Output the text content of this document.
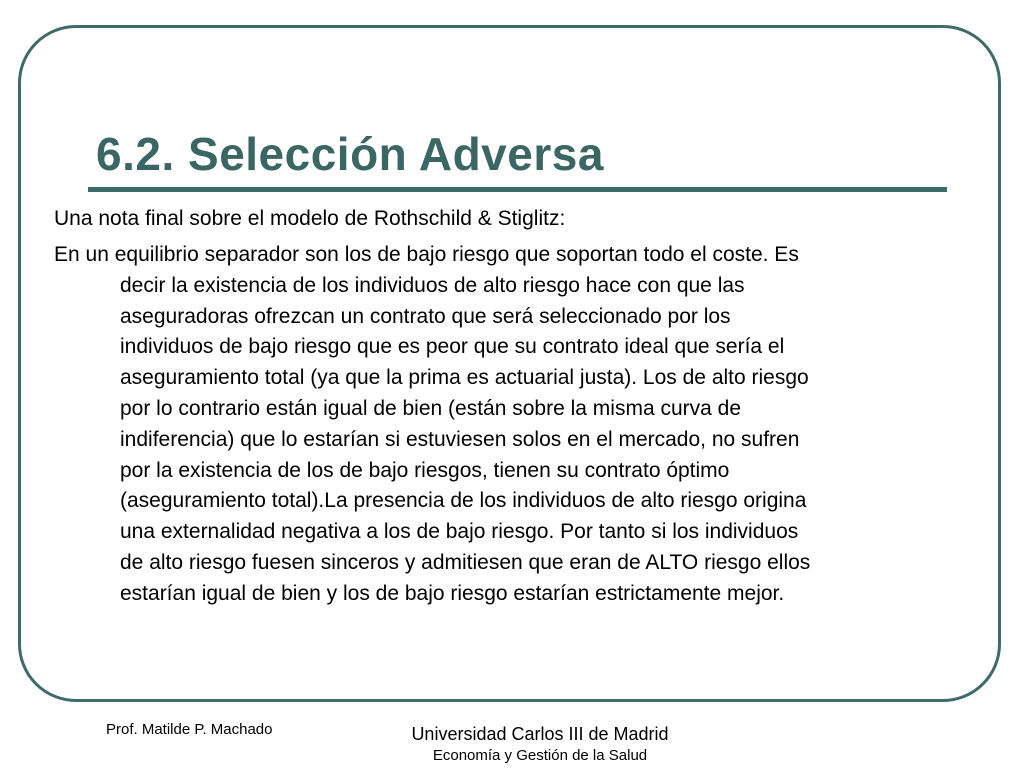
6.2. Selección Adversa

Una nota final sobre el modelo de Rothschild & Stiglitz:

En un equilibrio separador son los de bajo riesgo que soportan todo el coste. Es
decir la existencia de los individuos de alto riesgo hace con que las
aseguradoras ofrezcan un contrato que será seleccionado por los
individuos de bajo riesgo que es peor que su contrato ideal que sería el
aseguramiento total (ya que la prima es actuarial justa). Los de alto riesgo
por lo contrario están igual de bien (están sobre la misma curva de
indiferencia) que lo estarían si estuviesen solos en el mercado, no sufren
por la existencia de los de bajo riesgos, tienen su contrato óptimo
(aseguramiento total).La presencia de los individuos de alto riesgo origina
una externalidad negativa a los de bajo riesgo. Por tanto si los individuos
de alto riesgo fuesen sinceros y admitiesen que eran de ALTO riesgo ellos
estarían igual de bien y los de bajo riesgo estarían estrictamente mejor.

Prof. Matilde P. Machado	Universidad Carlos III de Madrid
Economía y Gestión de la Salud
